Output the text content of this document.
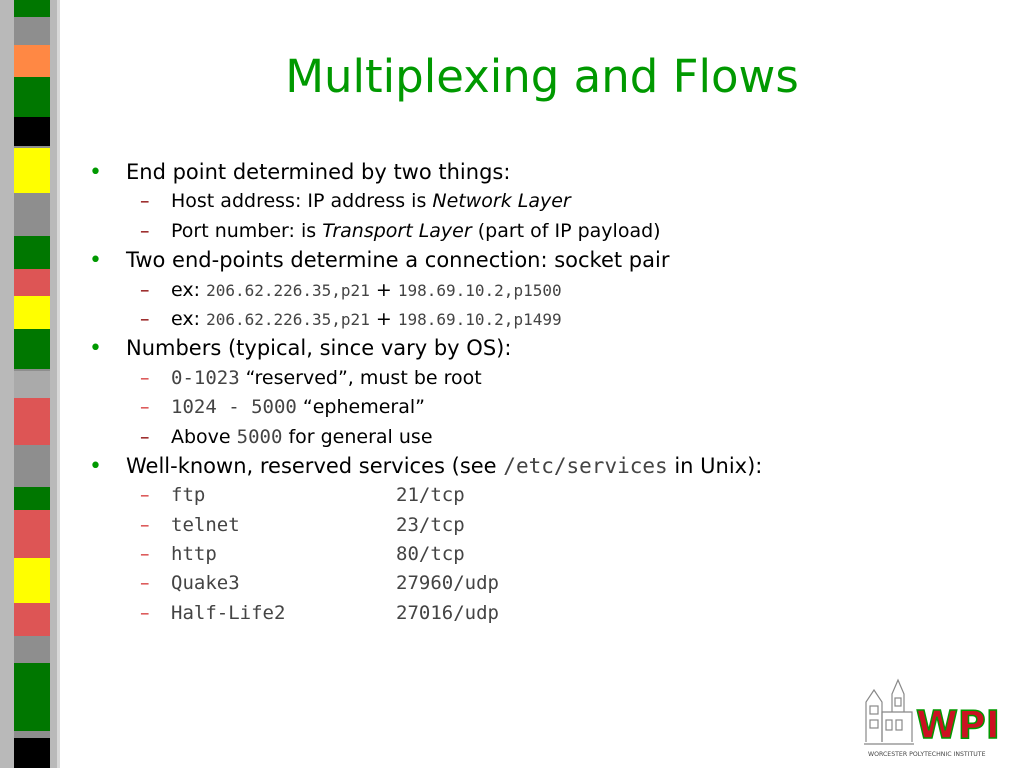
Multiplexing and Flows
• End point determined by two things:
– Host address: IP address is Network Layer
– Port number: is Transport Layer (part of IP payload)
• Two end-points determine a connection: socket pair
– ex: 206.62.226.35,p21 + 198.69.10.2,p1500
– ex: 206.62.226.35,p21 + 198.69.10.2,p1499
• Numbers (typical, since vary by OS):
– 0-1023 “reserved”, must be root
– 1024 - 5000 “ephemeral”
– Above 5000 for general use
• Well-known, reserved services (see /etc/services in Unix):
– ftp	21/tcp
– telnet	23/tcp
– http	80/tcp
– Quake3	27960/udp
– Half-Life2	27016/udp
WPI
WORCESTER POLYTECHNIC INSTITUTE
